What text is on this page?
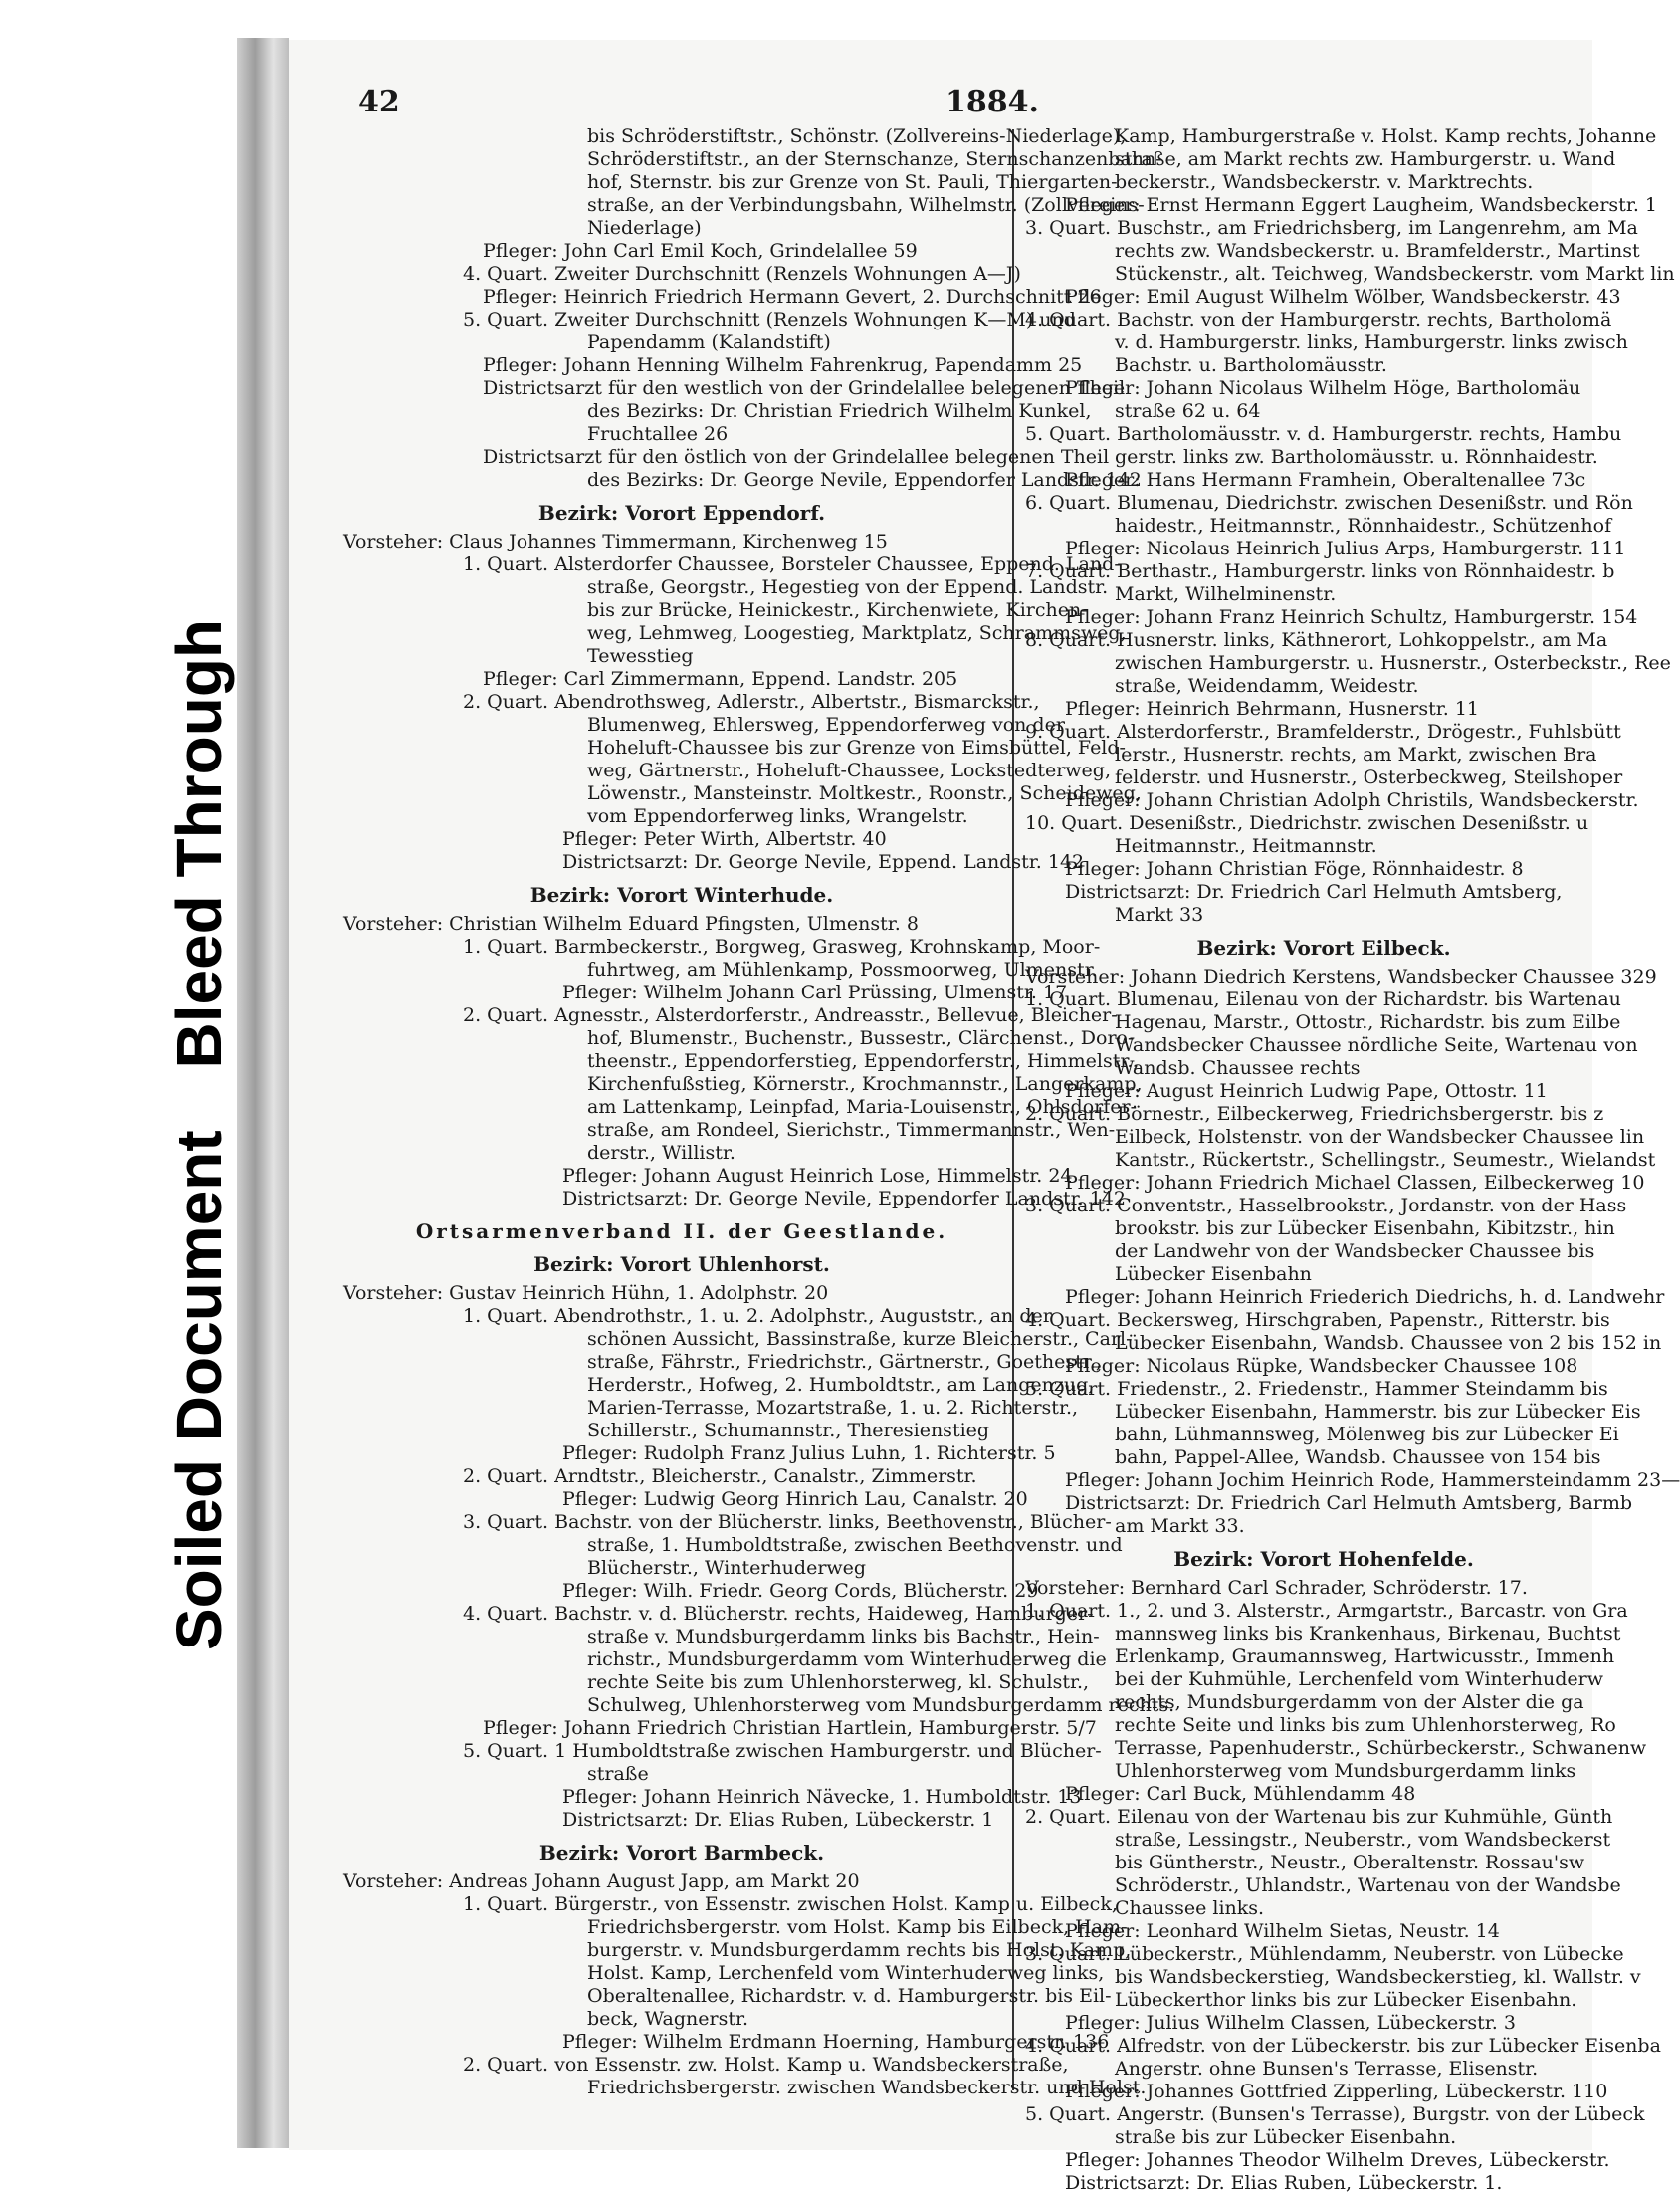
Soiled Document Bleed Through
42	1884.
bis Schröderstiftstr., Schönstr. (Zollvereins-Niederlage),
Schröderstiftstr., an der Sternschanze, Sternschanzenbahn-
hof, Sternstr. bis zur Grenze von St. Pauli, Thiergarten-
straße, an der Verbindungsbahn, Wilhelmstr. (Zollvereins-
Niederlage)
Pfleger: John Carl Emil Koch, Grindelallee 59
4. Quart. Zweiter Durchschnitt (Renzels Wohnungen A—J)
Pfleger: Heinrich Friedrich Hermann Gevert, 2. Durchschnitt 26
5. Quart. Zweiter Durchschnitt (Renzels Wohnungen K—M) und
Papendamm (Kalandstift)
Pfleger: Johann Henning Wilhelm Fahrenkrug, Papendamm 25
Districtsarzt für den westlich von der Grindelallee belegenen Theil
des Bezirks: Dr. Christian Friedrich Wilhelm Kunkel,
Fruchtallee 26
Districtsarzt für den östlich von der Grindelallee belegenen Theil
des Bezirks: Dr. George Nevile, Eppendorfer Landstr. 142
Bezirk: Vorort Eppendorf.
Vorsteher: Claus Johannes Timmermann, Kirchenweg 15
1. Quart. Alsterdorfer Chaussee, Borsteler Chaussee, Eppend. Land-
straße, Georgstr., Hegestieg von der Eppend. Landstr.
bis zur Brücke, Heinickestr., Kirchenwiete, Kirchen-
weg, Lehmweg, Loogestieg, Marktplatz, Schrammsweg,
Tewesstieg
Pfleger: Carl Zimmermann, Eppend. Landstr. 205
2. Quart. Abendrothsweg, Adlerstr., Albertstr., Bismarckstr.,
Blumenweg, Ehlersweg, Eppendorferweg von der
Hoheluft-Chaussee bis zur Grenze von Eimsbüttel, Feld-
weg, Gärtnerstr., Hoheluft-Chaussee, Lockstedterweg,
Löwenstr., Mansteinstr. Moltkestr., Roonstr., Scheideweg,
vom Eppendorferweg links, Wrangelstr.
Pfleger: Peter Wirth, Albertstr. 40
Districtsarzt: Dr. George Nevile, Eppend. Landstr. 142
Bezirk: Vorort Winterhude.
Vorsteher: Christian Wilhelm Eduard Pfingsten, Ulmenstr. 8
1. Quart. Barmbeckerstr., Borgweg, Grasweg, Krohnskamp, Moor-
fuhrtweg, am Mühlenkamp, Possmoorweg, Ulmenstr.
Pfleger: Wilhelm Johann Carl Prüssing, Ulmenstr. 17
2. Quart. Agnesstr., Alsterdorferstr., Andreasstr., Bellevue, Bleicher-
hof, Blumenstr., Buchenstr., Bussestr., Clärchenst., Doro-
theenstr., Eppendorferstieg, Eppendorferstr., Himmelstr.,
Kirchenfußstieg, Körnerstr., Krochmannstr., Langerkamp,
am Lattenkamp, Leinpfad, Maria-Louisenstr., Ohlsdorfer-
straße, am Rondeel, Sierichstr., Timmermannstr., Wen-
derstr., Willistr.
Pfleger: Johann August Heinrich Lose, Himmelstr. 24
Districtsarzt: Dr. George Nevile, Eppendorfer Landstr. 142
Ortsarmenverband II. der Geestlande.
Bezirk: Vorort Uhlenhorst.
Vorsteher: Gustav Heinrich Hühn, 1. Adolphstr. 20
1. Quart. Abendrothstr., 1. u. 2. Adolphstr., Auguststr., an der
schönen Aussicht, Bassinstraße, kurze Bleicherstr., Carl-
straße, Fährstr., Friedrichstr., Gärtnerstr., Goethestr.,
Herderstr., Hofweg, 2. Humboldtstr., am Langenzug,
Marien-Terrasse, Mozartstraße, 1. u. 2. Richterstr.,
Schillerstr., Schumannstr., Theresienstieg
Pfleger: Rudolph Franz Julius Luhn, 1. Richterstr. 5
2. Quart. Arndtstr., Bleicherstr., Canalstr., Zimmerstr.
Pfleger: Ludwig Georg Hinrich Lau, Canalstr. 20
3. Quart. Bachstr. von der Blücherstr. links, Beethovenstr., Blücher-
straße, 1. Humboldtstraße, zwischen Beethovenstr. und
Blücherstr., Winterhuderweg
Pfleger: Wilh. Friedr. Georg Cords, Blücherstr. 29
4. Quart. Bachstr. v. d. Blücherstr. rechts, Haideweg, Hamburger-
straße v. Mundsburgerdamm links bis Bachstr., Hein-
richstr., Mundsburgerdamm vom Winterhuderweg die
rechte Seite bis zum Uhlenhorsterweg, kl. Schulstr.,
Schulweg, Uhlenhorsterweg vom Mundsburgerdamm rechts.
Pfleger: Johann Friedrich Christian Hartlein, Hamburgerstr. 5/7
5. Quart. 1 Humboldtstraße zwischen Hamburgerstr. und Blücher-
straße
Pfleger: Johann Heinrich Nävecke, 1. Humboldtstr. 13
Districtsarzt: Dr. Elias Ruben, Lübeckerstr. 1
Bezirk: Vorort Barmbeck.
Vorsteher: Andreas Johann August Japp, am Markt 20
1. Quart. Bürgerstr., von Essenstr. zwischen Holst. Kamp u. Eilbeck,
Friedrichsbergerstr. vom Holst. Kamp bis Eilbeck, Ham-
burgerstr. v. Mundsburgerdamm rechts bis Holst. Kamp,
Holst. Kamp, Lerchenfeld vom Winterhuderweg links,
Oberaltenallee, Richardstr. v. d. Hamburgerstr. bis Eil-
beck, Wagnerstr.
Pfleger: Wilhelm Erdmann Hoerning, Hamburgerstr. 136
2. Quart. von Essenstr. zw. Holst. Kamp u. Wandsbeckerstraße,
Friedrichsbergerstr. zwischen Wandsbeckerstr. und Holst.
Kamp, Hamburgerstraße v. Holst. Kamp rechts, Johanne
straße, am Markt rechts zw. Hamburgerstr. u. Wand
beckerstr., Wandsbeckerstr. v. Marktrechts.
Pfleger: Ernst Hermann Eggert Laugheim, Wandsbeckerstr. 1
3. Quart. Buschstr., am Friedrichsberg, im Langenrehm, am Ma
rechts zw. Wandsbeckerstr. u. Bramfelderstr., Martinst
Stückenstr., alt. Teichweg, Wandsbeckerstr. vom Markt lin
Pfleger: Emil August Wilhelm Wölber, Wandsbeckerstr. 43
4. Quart. Bachstr. von der Hamburgerstr. rechts, Bartholomä
v. d. Hamburgerstr. links, Hamburgerstr. links zwisch
Bachstr. u. Bartholomäusstr.
Pfleger: Johann Nicolaus Wilhelm Höge, Bartholomäu
straße 62 u. 64
5. Quart. Bartholomäusstr. v. d. Hamburgerstr. rechts, Hambu
gerstr. links zw. Bartholomäusstr. u. Rönnhaidestr.
Pfleger: Hans Hermann Framhein, Oberaltenallee 73c
6. Quart. Blumenau, Diedrichstr. zwischen Desenißstr. und Rön
haidestr., Heitmannstr., Rönnhaidestr., Schützenhof
Pfleger: Nicolaus Heinrich Julius Arps, Hamburgerstr. 111
7. Quart. Berthastr., Hamburgerstr. links von Rönnhaidestr. b
Markt, Wilhelminenstr.
Pfleger: Johann Franz Heinrich Schultz, Hamburgerstr. 154
8. Quart. Husnerstr. links, Käthnerort, Lohkoppelstr., am Ma
zwischen Hamburgerstr. u. Husnerstr., Osterbeckstr., Ree
straße, Weidendamm, Weidestr.
Pfleger: Heinrich Behrmann, Husnerstr. 11
9. Quart. Alsterdorferstr., Bramfelderstr., Drögestr., Fuhlsbütt
lerstr., Husnerstr. rechts, am Markt, zwischen Bra
felderstr. und Husnerstr., Osterbeckweg, Steilshoper
Pfleger: Johann Christian Adolph Christils, Wandsbeckerstr.
10. Quart. Desenißstr., Diedrichstr. zwischen Desenißstr. u
Heitmannstr., Heitmannstr.
Pfleger: Johann Christian Föge, Rönnhaidestr. 8
Districtsarzt: Dr. Friedrich Carl Helmuth Amtsberg,
Markt 33
Bezirk: Vorort Eilbeck.
Vorsteher: Johann Diedrich Kerstens, Wandsbecker Chaussee 329
1. Quart. Blumenau, Eilenau von der Richardstr. bis Wartenau
Hagenau, Marstr., Ottostr., Richardstr. bis zum Eilbe
Wandsbecker Chaussee nördliche Seite, Wartenau von
Wandsb. Chaussee rechts
Pfleger: August Heinrich Ludwig Pape, Ottostr. 11
2. Quart. Börnestr., Eilbeckerweg, Friedrichsbergerstr. bis z
Eilbeck, Holstenstr. von der Wandsbecker Chaussee lin
Kantstr., Rückertstr., Schellingstr., Seumestr., Wielandst
Pfleger: Johann Friedrich Michael Classen, Eilbeckerweg 10
3. Quart. Conventstr., Hasselbrookstr., Jordanstr. von der Hass
brookstr. bis zur Lübecker Eisenbahn, Kibitzstr., hin
der Landwehr von der Wandsbecker Chaussee bis
Lübecker Eisenbahn
Pfleger: Johann Heinrich Friederich Diedrichs, h. d. Landwehr
4. Quart. Beckersweg, Hirschgraben, Papenstr., Ritterstr. bis
Lübecker Eisenbahn, Wandsb. Chaussee von 2 bis 152 in
Pfleger: Nicolaus Rüpke, Wandsbecker Chaussee 108
5. Quart. Friedenstr., 2. Friedenstr., Hammer Steindamm bis
Lübecker Eisenbahn, Hammerstr. bis zur Lübecker Eis
bahn, Lühmannsweg, Mölenweg bis zur Lübecker Ei
bahn, Pappel-Allee, Wandsb. Chaussee von 154 bis
Pfleger: Johann Jochim Heinrich Rode, Hammersteindamm 23—
Districtsarzt: Dr. Friedrich Carl Helmuth Amtsberg, Barmb
am Markt 33.
Bezirk: Vorort Hohenfelde.
Vorsteher: Bernhard Carl Schrader, Schröderstr. 17.
1. Quart. 1., 2. und 3. Alsterstr., Armgartstr., Barcastr. von Gra
mannsweg links bis Krankenhaus, Birkenau, Buchtst
Erlenkamp, Graumannsweg, Hartwicusstr., Immenh
bei der Kuhmühle, Lerchenfeld vom Winterhuderw
rechts, Mundsburgerdamm von der Alster die ga
rechte Seite und links bis zum Uhlenhorsterweg, Ro
Terrasse, Papenhuderstr., Schürbeckerstr., Schwanenw
Uhlenhorsterweg vom Mundsburgerdamm links
Pfleger: Carl Buck, Mühlendamm 48
2. Quart. Eilenau von der Wartenau bis zur Kuhmühle, Günth
straße, Lessingstr., Neuberstr., vom Wandsbeckerst
bis Güntherstr., Neustr., Oberaltenstr. Rossau'sw
Schröderstr., Uhlandstr., Wartenau von der Wandsbe
Chaussee links.
Pfleger: Leonhard Wilhelm Sietas, Neustr. 14
3. Quart. Lübeckerstr., Mühlendamm, Neuberstr. von Lübecke
bis Wandsbeckerstieg, Wandsbeckerstieg, kl. Wallstr. v
Lübeckerthor links bis zur Lübecker Eisenbahn.
Pfleger: Julius Wilhelm Classen, Lübeckerstr. 3
4. Quart. Alfredstr. von der Lübeckerstr. bis zur Lübecker Eisenba
Angerstr. ohne Bunsen's Terrasse, Elisenstr.
Pfleger: Johannes Gottfried Zipperling, Lübeckerstr. 110
5. Quart. Angerstr. (Bunsen's Terrasse), Burgstr. von der Lübeck
straße bis zur Lübecker Eisenbahn.
Pfleger: Johannes Theodor Wilhelm Dreves, Lübeckerstr.
Districtsarzt: Dr. Elias Ruben, Lübeckerstr. 1.
